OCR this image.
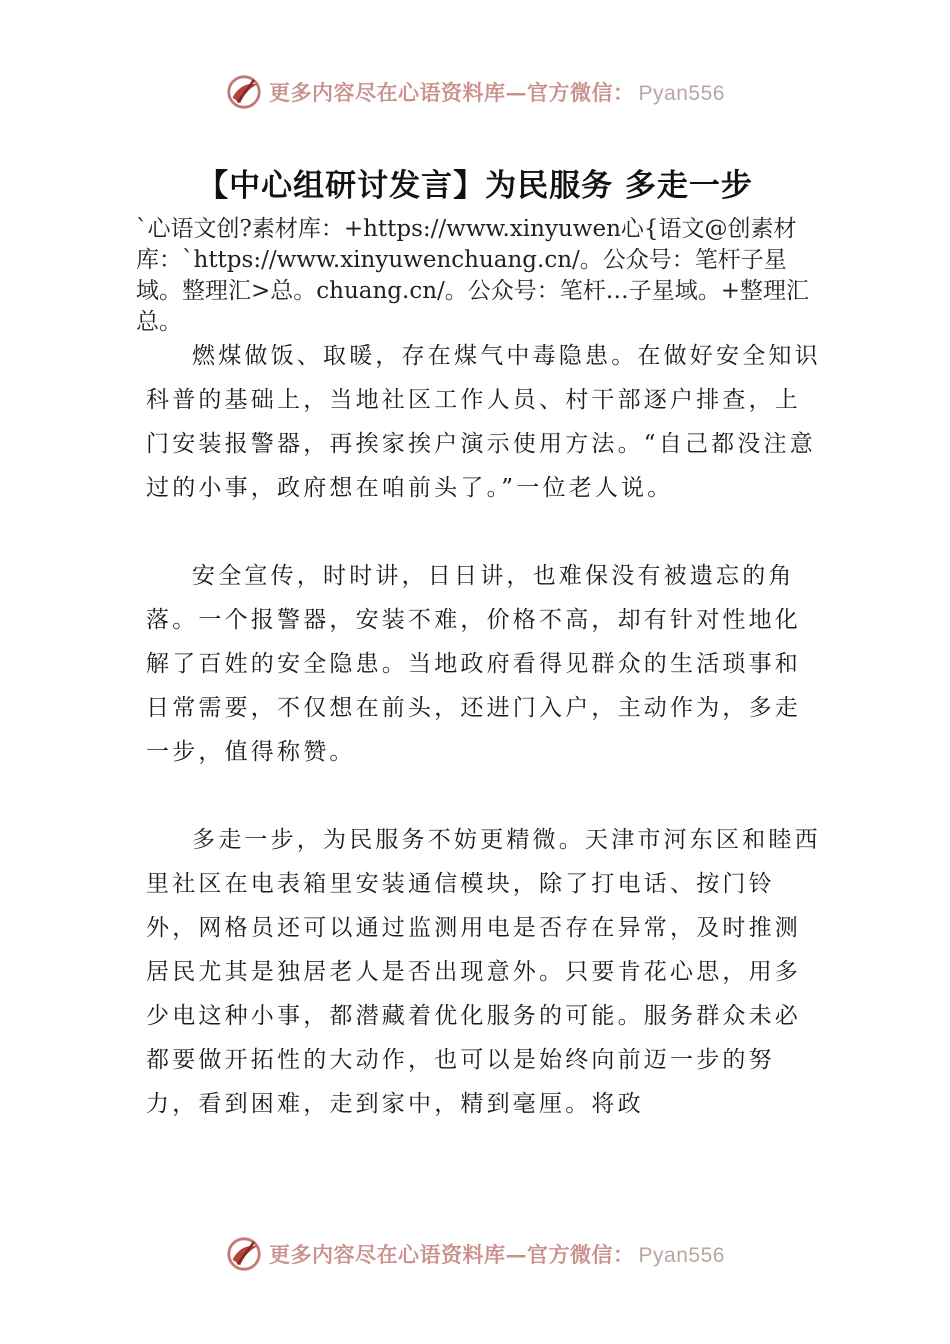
更多内容尽在心语资料库—官方微信： Pyan556
【中心组研讨发言】为民服务 多走一步
`心语文创?素材库：+https://www.xinyuwen心{语文@创素材库：`https://www.xinyuwenchuang.cn/。公众号：笔杆子星域。整理汇>总。chuang.cn/。公众号：笔杆…子星域。+整理汇总。
燃煤做饭、取暖，存在煤气中毒隐患。在做好安全知识科普的基础上，当地社区工作人员、村干部逐户排查，上门安装报警器，再挨家挨户演示使用方法。“自己都没注意过的小事，政府想在咱前头了。”一位老人说。
安全宣传，时时讲，日日讲，也难保没有被遗忘的角落。一个报警器，安装不难，价格不高，却有针对性地化解了百姓的安全隐患。当地政府看得见群众的生活琐事和日常需要，不仅想在前头，还进门入户，主动作为，多走一步，值得称赞。
多走一步，为民服务不妨更精微。天津市河东区和睦西里社区在电表箱里安装通信模块，除了打电话、按门铃外，网格员还可以通过监测用电是否存在异常，及时推测居民尤其是独居老人是否出现意外。只要肯花心思，用多少电这种小事，都潜藏着优化服务的可能。服务群众未必都要做开拓性的大动作，也可以是始终向前迈一步的努力，看到困难，走到家中，精到毫厘。将政
更多内容尽在心语资料库—官方微信： Pyan556
